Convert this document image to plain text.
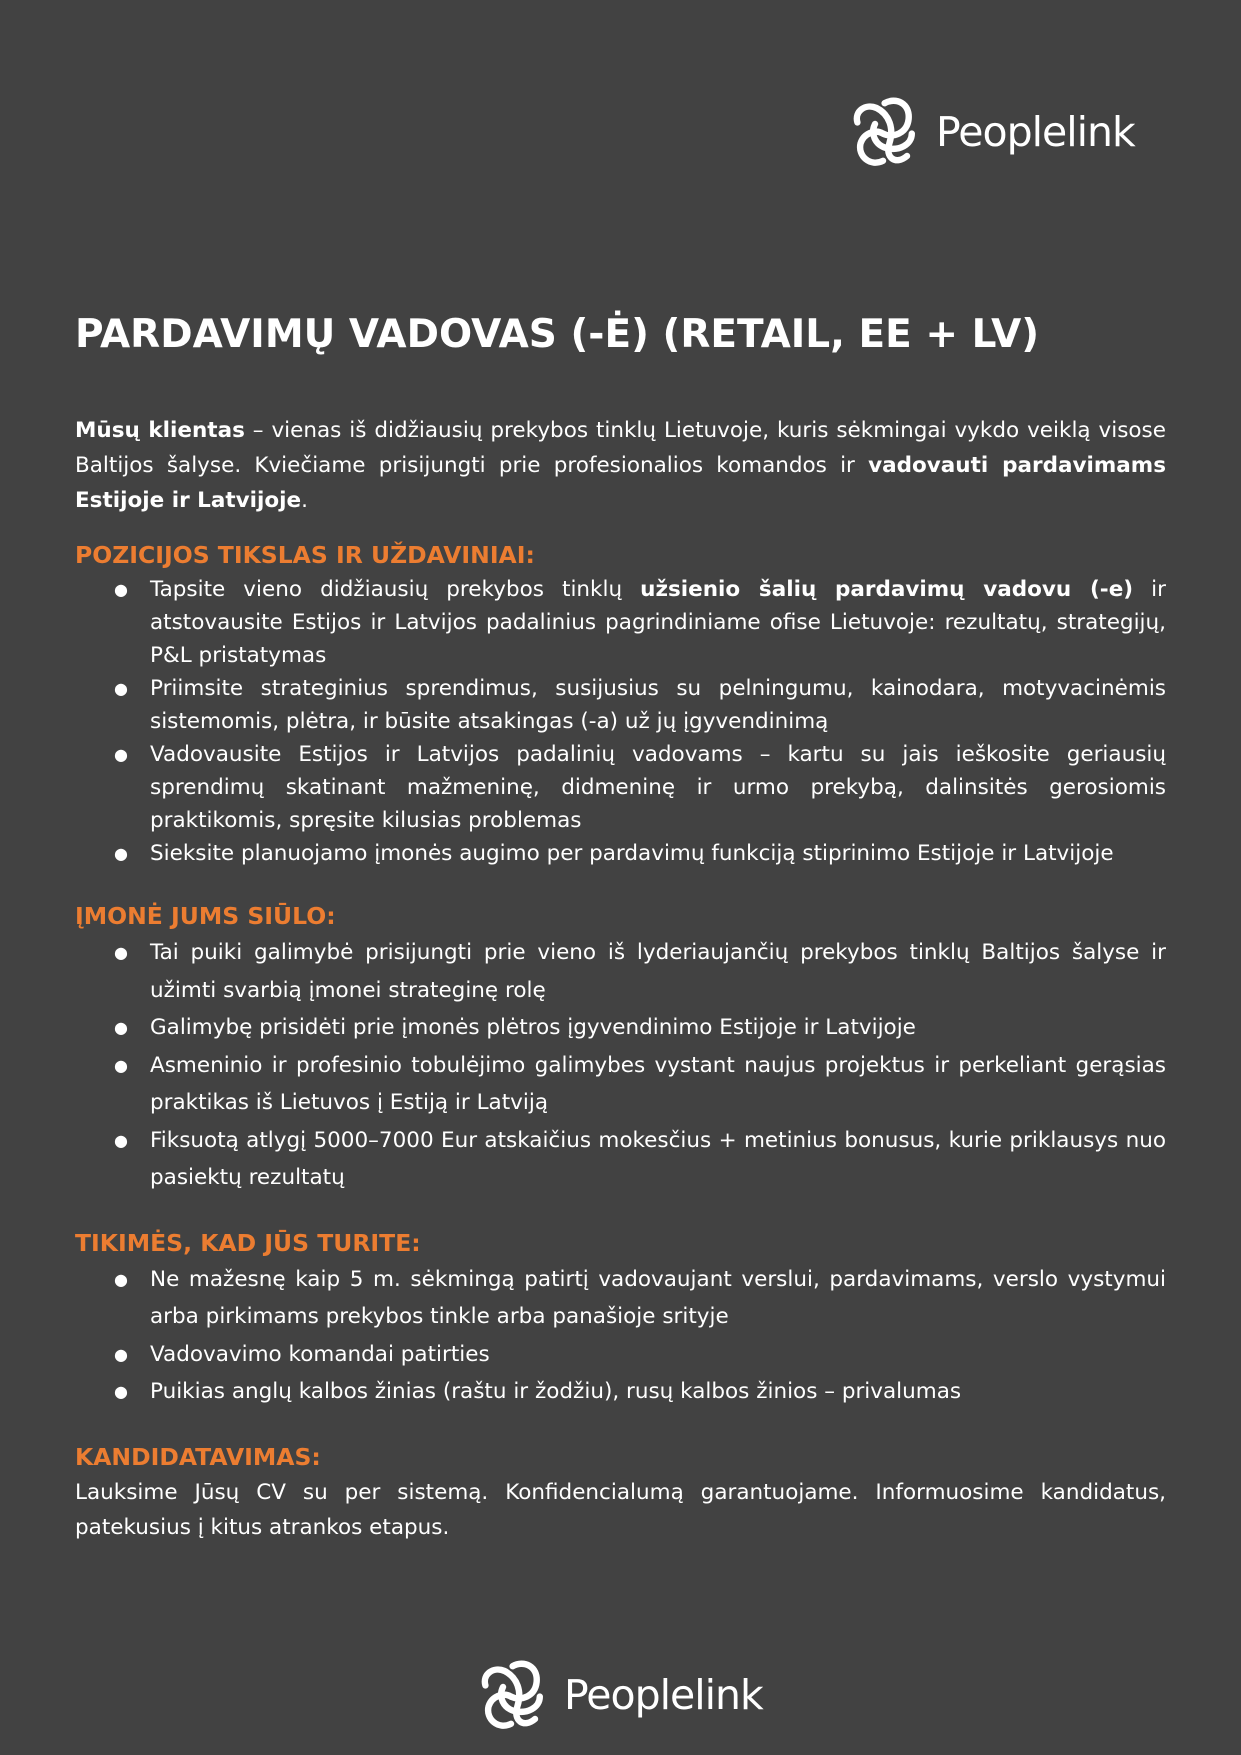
Peoplelink
PARDAVIMŲ VADOVAS (-Ė) (RETAIL, EE + LV)

Mūsų klientas – vienas iš didžiausių prekybos tinklų Lietuvoje, kuris sėkmingai vykdo veiklą visose Baltijos šalyse. Kviečiame prisijungti prie profesionalios komandos ir vadovauti pardavimams Estijoje ir Latvijoje.

POZICIJOS TIKSLAS IR UŽDAVINIAI:
● Tapsite vieno didžiausių prekybos tinklų užsienio šalių pardavimų vadovu (-e) ir atstovausite Estijos ir Latvijos padalinius pagrindiniame ofise Lietuvoje: rezultatų, strategijų, P&L pristatymas
● Priimsite strateginius sprendimus, susijusius su pelningumu, kainodara, motyvacinėmis sistemomis, plėtra, ir būsite atsakingas (-a) už jų įgyvendinimą
● Vadovausite Estijos ir Latvijos padalinių vadovams – kartu su jais ieškosite geriausių sprendimų skatinant mažmeninę, didmeninę ir urmo prekybą, dalinsitės gerosiomis praktikomis, spręsite kilusias problemas
● Sieksite planuojamo įmonės augimo per pardavimų funkciją stiprinimo Estijoje ir Latvijoje
ĮMONĖ JUMS SIŪLO:
● Tai puiki galimybė prisijungti prie vieno iš lyderiaujančių prekybos tinklų Baltijos šalyse ir užimti svarbią įmonei strateginę rolę
● Galimybę prisidėti prie įmonės plėtros įgyvendinimo Estijoje ir Latvijoje
● Asmeninio ir profesinio tobulėjimo galimybes vystant naujus projektus ir perkeliant gerąsias praktikas iš Lietuvos į Estiją ir Latviją
● Fiksuotą atlygį 5000–7000 Eur atskaičius mokesčius + metinius bonusus, kurie priklausys nuo pasiektų rezultatų
TIKIMĖS, KAD JŪS TURITE:
● Ne mažesnę kaip 5 m. sėkmingą patirtį vadovaujant verslui, pardavimams, verslo vystymui arba pirkimams prekybos tinkle arba panašioje srityje
● Vadovavimo komandai patirties
● Puikias anglų kalbos žinias (raštu ir žodžiu), rusų kalbos žinios – privalumas
KANDIDATAVIMAS:

Lauksime Jūsų CV su per sistemą. Konfidencialumą garantuojame. Informuosime kandidatus, patekusius į kitus atrankos etapus.

Peoplelink
